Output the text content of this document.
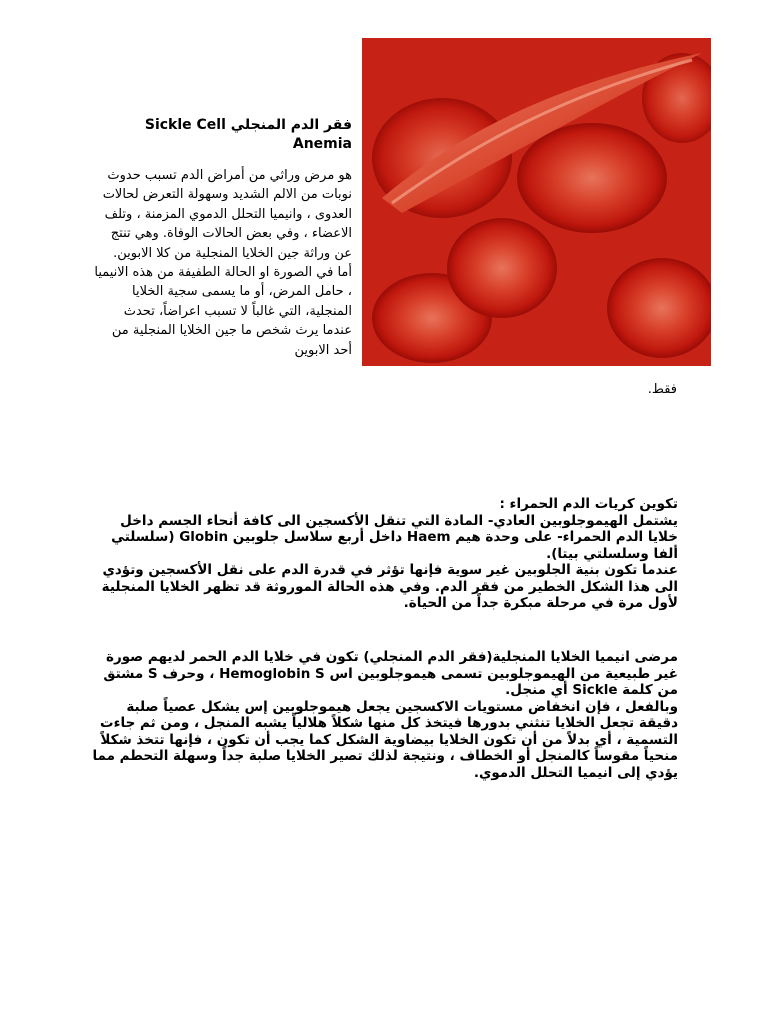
فقر الدم المنجلي Sickle Cell Anemia
هو مرض وراثي من أمراض الدم تسبب حدوث نوبات من الالم الشديد وسهولة التعرض لحالات العدوى ، وانيميا التحلل الدموي المزمنة ، وتلف الاعضاء ، وفي بعض الحالات الوفاة. وهي تنتج عن وراثة جين الخلايا المنجلية من كلا الابوين.
أما في الصورة او الحالة الطفيفة من هذه الانيميا ، حامل المرض، أو ما يسمى سجية الخلايا المنجلية، التي غالباً لا تسبب اعراضاً، تحدث عندما يرث شخص ما جين الخلايا المنجلية من أحد الابوين
فقط.

تكوين كريات الدم الحمراء :

يشتمل الهيموجلوبين العادي- المادة التي تنقل الأكسجين الى كافة أنحاء الجسم داخل خلايا الدم الحمراء- على وحدة هيم Haem داخل أربع سلاسل جلوبين Globin (سلسلتي ألفا وسلسلتي بيتا).

عندما تكون بنية الجلوبين غير سوية فإنها تؤثر في قدرة الدم على نقل الأكسجين وتؤدي الى هذا الشكل الخطير من فقر الدم. وفي هذه الحالة الموروثة قد تظهر الخلايا المنجلية لأول مرة في مرحلة مبكرة جداً من الحياة.

مرضى انيميا الخلايا المنجلية(فقر الدم المنجلي) تكون في خلايا الدم الحمر لديهم صورة غير طبيعية من الهيموجلوبين تسمى هيموجلوبين اس Hemoglobin S ، وحرف S مشتق من كلمة Sickle أي منجل.

وبالفعل ، فإن انخفاض مستويات الاكسجين يجعل هيموجلوبين إس يشكل عصياً صلبة دقيقة تجعل الخلايا تنثني بدورها فيتخذ كل منها شكلاً هلالياً يشبه المنجل ، ومن ثم جاءت التسمية ، أي بدلاً من أن تكون الخلايا بيضاوية الشكل كما يجب أن تكون ، فإنها تتخذ شكلاً منحياً مقوساً كالمنجل أو الخطاف ، ونتيجة لذلك تصير الخلايا صلبة جداً وسهلة التحطم مما يؤدي إلى انيميا التحلل الدموي.
